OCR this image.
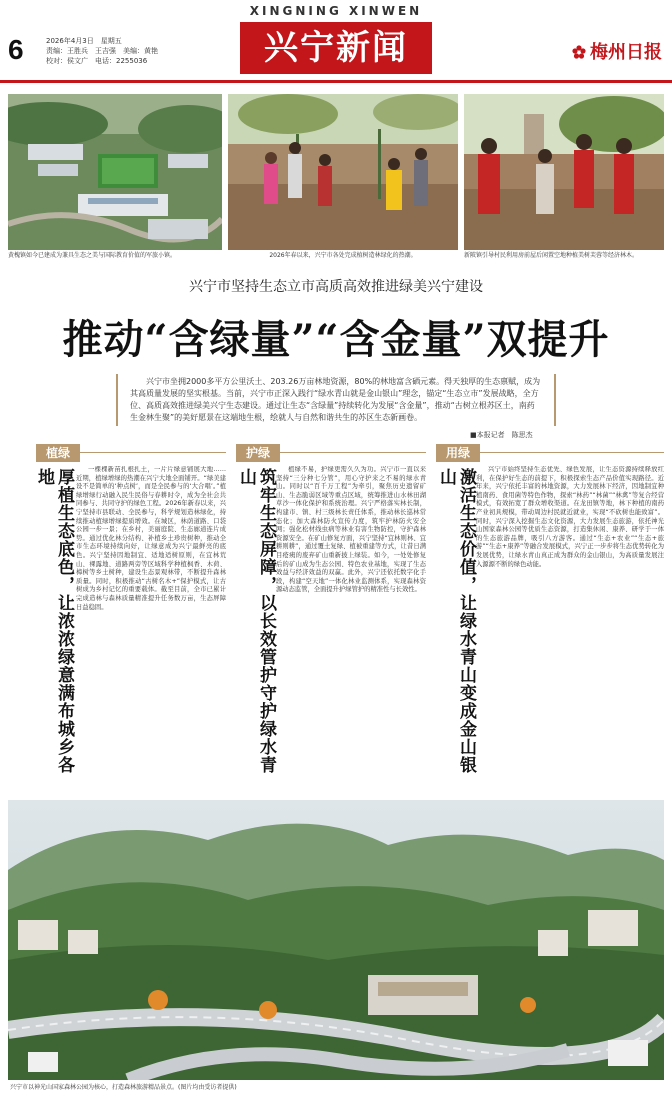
XINGNING XINWEN
6	2026年4月3日　星期五
责编：王胜兵　王吉强　美编：黄艳
校对：侯文广　电话：2255036	兴宁新闻	梅州日报
黄槐镇如今已建成为兼具生态之美与国际教育价值的军旅小镇。	2026年春以来，兴宁市各处完成植树造林绿化的热潮。	新陂镇引导村民利用房前屋后闲置空地种植美树芙蓉等经济林木。
兴宁市坚持生态立市高质高效推进绿美兴宁建设
推动“含绿量”“含金量”双提升
兴宁市坐拥2000多平方公里沃土、203.26万亩林地资源，80%的林地富含硒元素。得天独厚的生态禀赋，成为其高质量发展的坚实根基。当前，兴宁市正深入践行“绿水青山就是金山银山”理念，锚定“生态立市”发展战略，全方位、高质高效推进绿美兴宁生态建设。通过让生态“含绿量”持续转化为发展“含金量”，推动“古树立根苏区土，南药生金林生聚”的美好愿景在这端地生根，绘就人与自然和谐共生的苏区生态新画卷。
■本报记者　陈思杰
植绿
厚植生态底色，让浓浓绿意满布城乡各地	一棵棵新苗扎根扎土，一片片绿意铺展大地……近期，植绿增绿的热潮在兴宁大地全面铺开。“绿美建设不是简单的‘种点树’，而是全民参与的‘大合唱’。”植绿增绿行动融入民生民俗与春耕时令，成为全社会共同参与、共同守护的绿色工程。2026年新春以来，兴宁坚持市县联动、全民参与，科学规划造林绿化，持续推动植绿增绿提质增效。在城区，林荫道路、口袋公园一步一景；在乡村，美丽庭院、生态廊道连片成势。通过优化林分结构、补植乡土珍贵树种，推动全市生态环境持续向好，让绿意成为兴宁最鲜亮的底色。兴宁坚持因地制宜、适地适树原则，在宜林荒山、裸露地、道路两旁等区域科学种植枫香、木荷、樟树等乡土树种，建设生态景观林带，不断提升森林质量。同时，积极推动“古树名木+”保护模式，让古树成为乡村记忆的重要载体。截至目前，全市已累计完成造林与森林质量精准提升任务数万亩，生态屏障日益稳固。

护绿
筑牢生态屏障，以长效管护守护绿水青山	植绿不易，护绿更需久久为功。兴宁市一直以来坚持“三分种七分管”，用心守护来之不易的绿水青山。同时以“百千万工程”为牵引，聚焦历史遗留矿山、生态脆弱区域等重点区域，统筹推进山水林田湖草沙一体化保护和系统治理。兴宁严格落实林长制，构建市、镇、村三级林长责任体系，推动林长巡林常态化；加大森林防火宣传力度，筑牢护林防火安全网；强化松材线虫病等林业有害生物防控，守护森林资源安全。在矿山修复方面，兴宁坚持“宜林则林、宜耕则耕”，通过覆土复绿、植被重建等方式，让昔日满目疮痍的废弃矿山重新披上绿装。如今，一处处修复后的矿山成为生态公园、特色农业基地，实现了生态效益与经济效益的双赢。此外，兴宁还依托数字化手段，构建“空天地”一体化林业监测体系，实现森林资源动态监管，全面提升护绿管护的精准性与长效性。

用绿
激活生态价值，让绿水青山变成金山银山	兴宁市始终坚持生态优先、绿色发展，让生态资源持续释放红利，在保护好生态的前提下，积极探索生态产品价值实现路径。近年来，兴宁依托丰富的林地资源，大力发展林下经济，因地制宜种植南药、食用菌等特色作物，探索“林药”“林菌”“林禽”等复合经营模式，有效拓宽了群众增收渠道。在龙田镇等地，林下种植的南药产业初具规模，带动周边村民就近就业，实现“不砍树也能致富”。同时，兴宁深入挖掘生态文化资源，大力发展生态旅游，依托神光山国家森林公园等优质生态资源，打造集休闲、康养、研学于一体的生态旅游品牌，吸引八方游客。通过“生态+农业”“生态+旅游”“生态+康养”等融合发展模式，兴宁正一步步将生态优势转化为发展优势，让绿水青山真正成为群众的金山银山，为高质量发展注入源源不断的绿色动能。

兴宁市以神光山国家森林公园为核心，打造森林旅游精品景点。(图片均由受访者提供)
